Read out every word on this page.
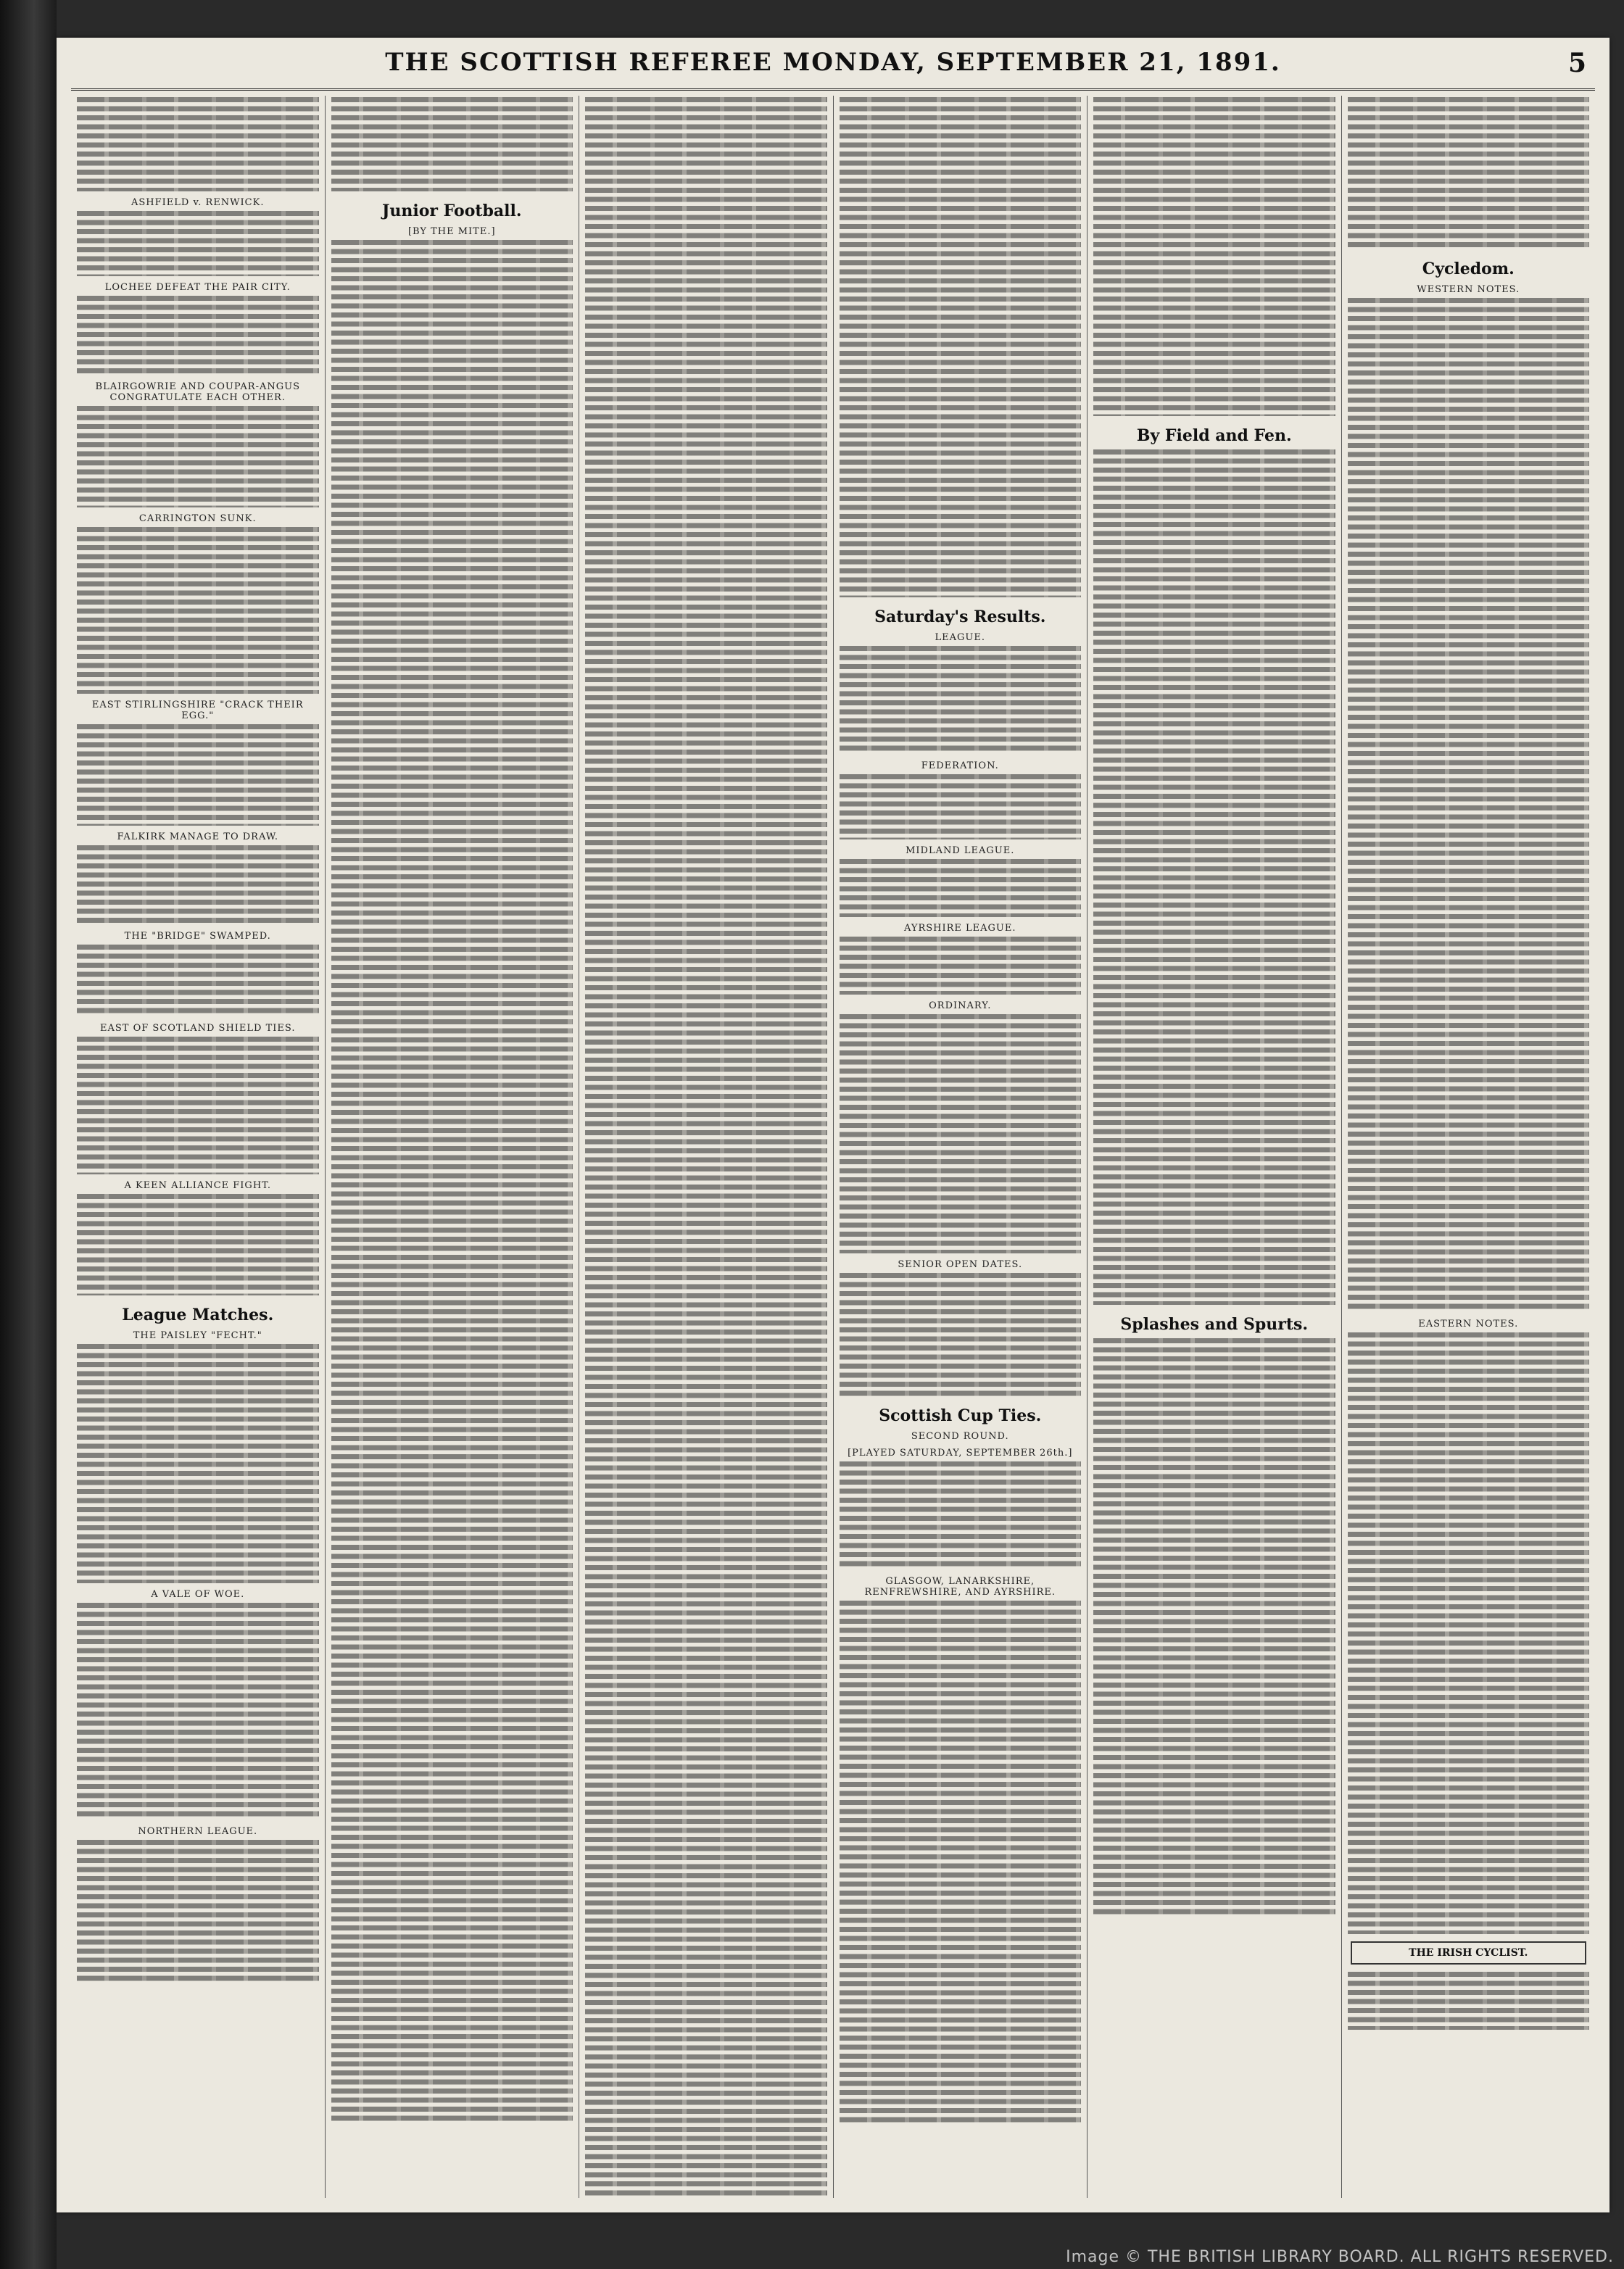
THE SCOTTISH REFEREE MONDAY, SEPTEMBER 21, 1891.	5
ASHFIELD v. RENWICK.
LOCHEE DEFEAT THE PAIR CITY.
BLAIRGOWRIE AND COUPAR-ANGUS CONGRATULATE EACH OTHER.
CARRINGTON SUNK.
EAST STIRLINGSHIRE "CRACK THEIR EGG."
FALKIRK MANAGE TO DRAW.
THE "BRIDGE" SWAMPED.
EAST OF SCOTLAND SHIELD TIES.
A KEEN ALLIANCE FIGHT.
League Matches.
THE PAISLEY "FECHT."
A VALE OF WOE.
NORTHERN LEAGUE.
Junior Football.
[BY THE MITE.]
Saturday's Results.
LEAGUE.
FEDERATION.
MIDLAND LEAGUE.
AYRSHIRE LEAGUE.
ORDINARY.
SENIOR OPEN DATES.
Scottish Cup Ties.
SECOND ROUND.
[PLAYED SATURDAY, SEPTEMBER 26th.]
GLASGOW, LANARKSHIRE, RENFREWSHIRE, AND AYRSHIRE.
By Field and Fen.
Splashes and Spurts.
Cycledom.
WESTERN NOTES.
EASTERN NOTES.
THE IRISH CYCLIST.
Image © THE BRITISH LIBRARY BOARD. ALL RIGHTS RESERVED.
